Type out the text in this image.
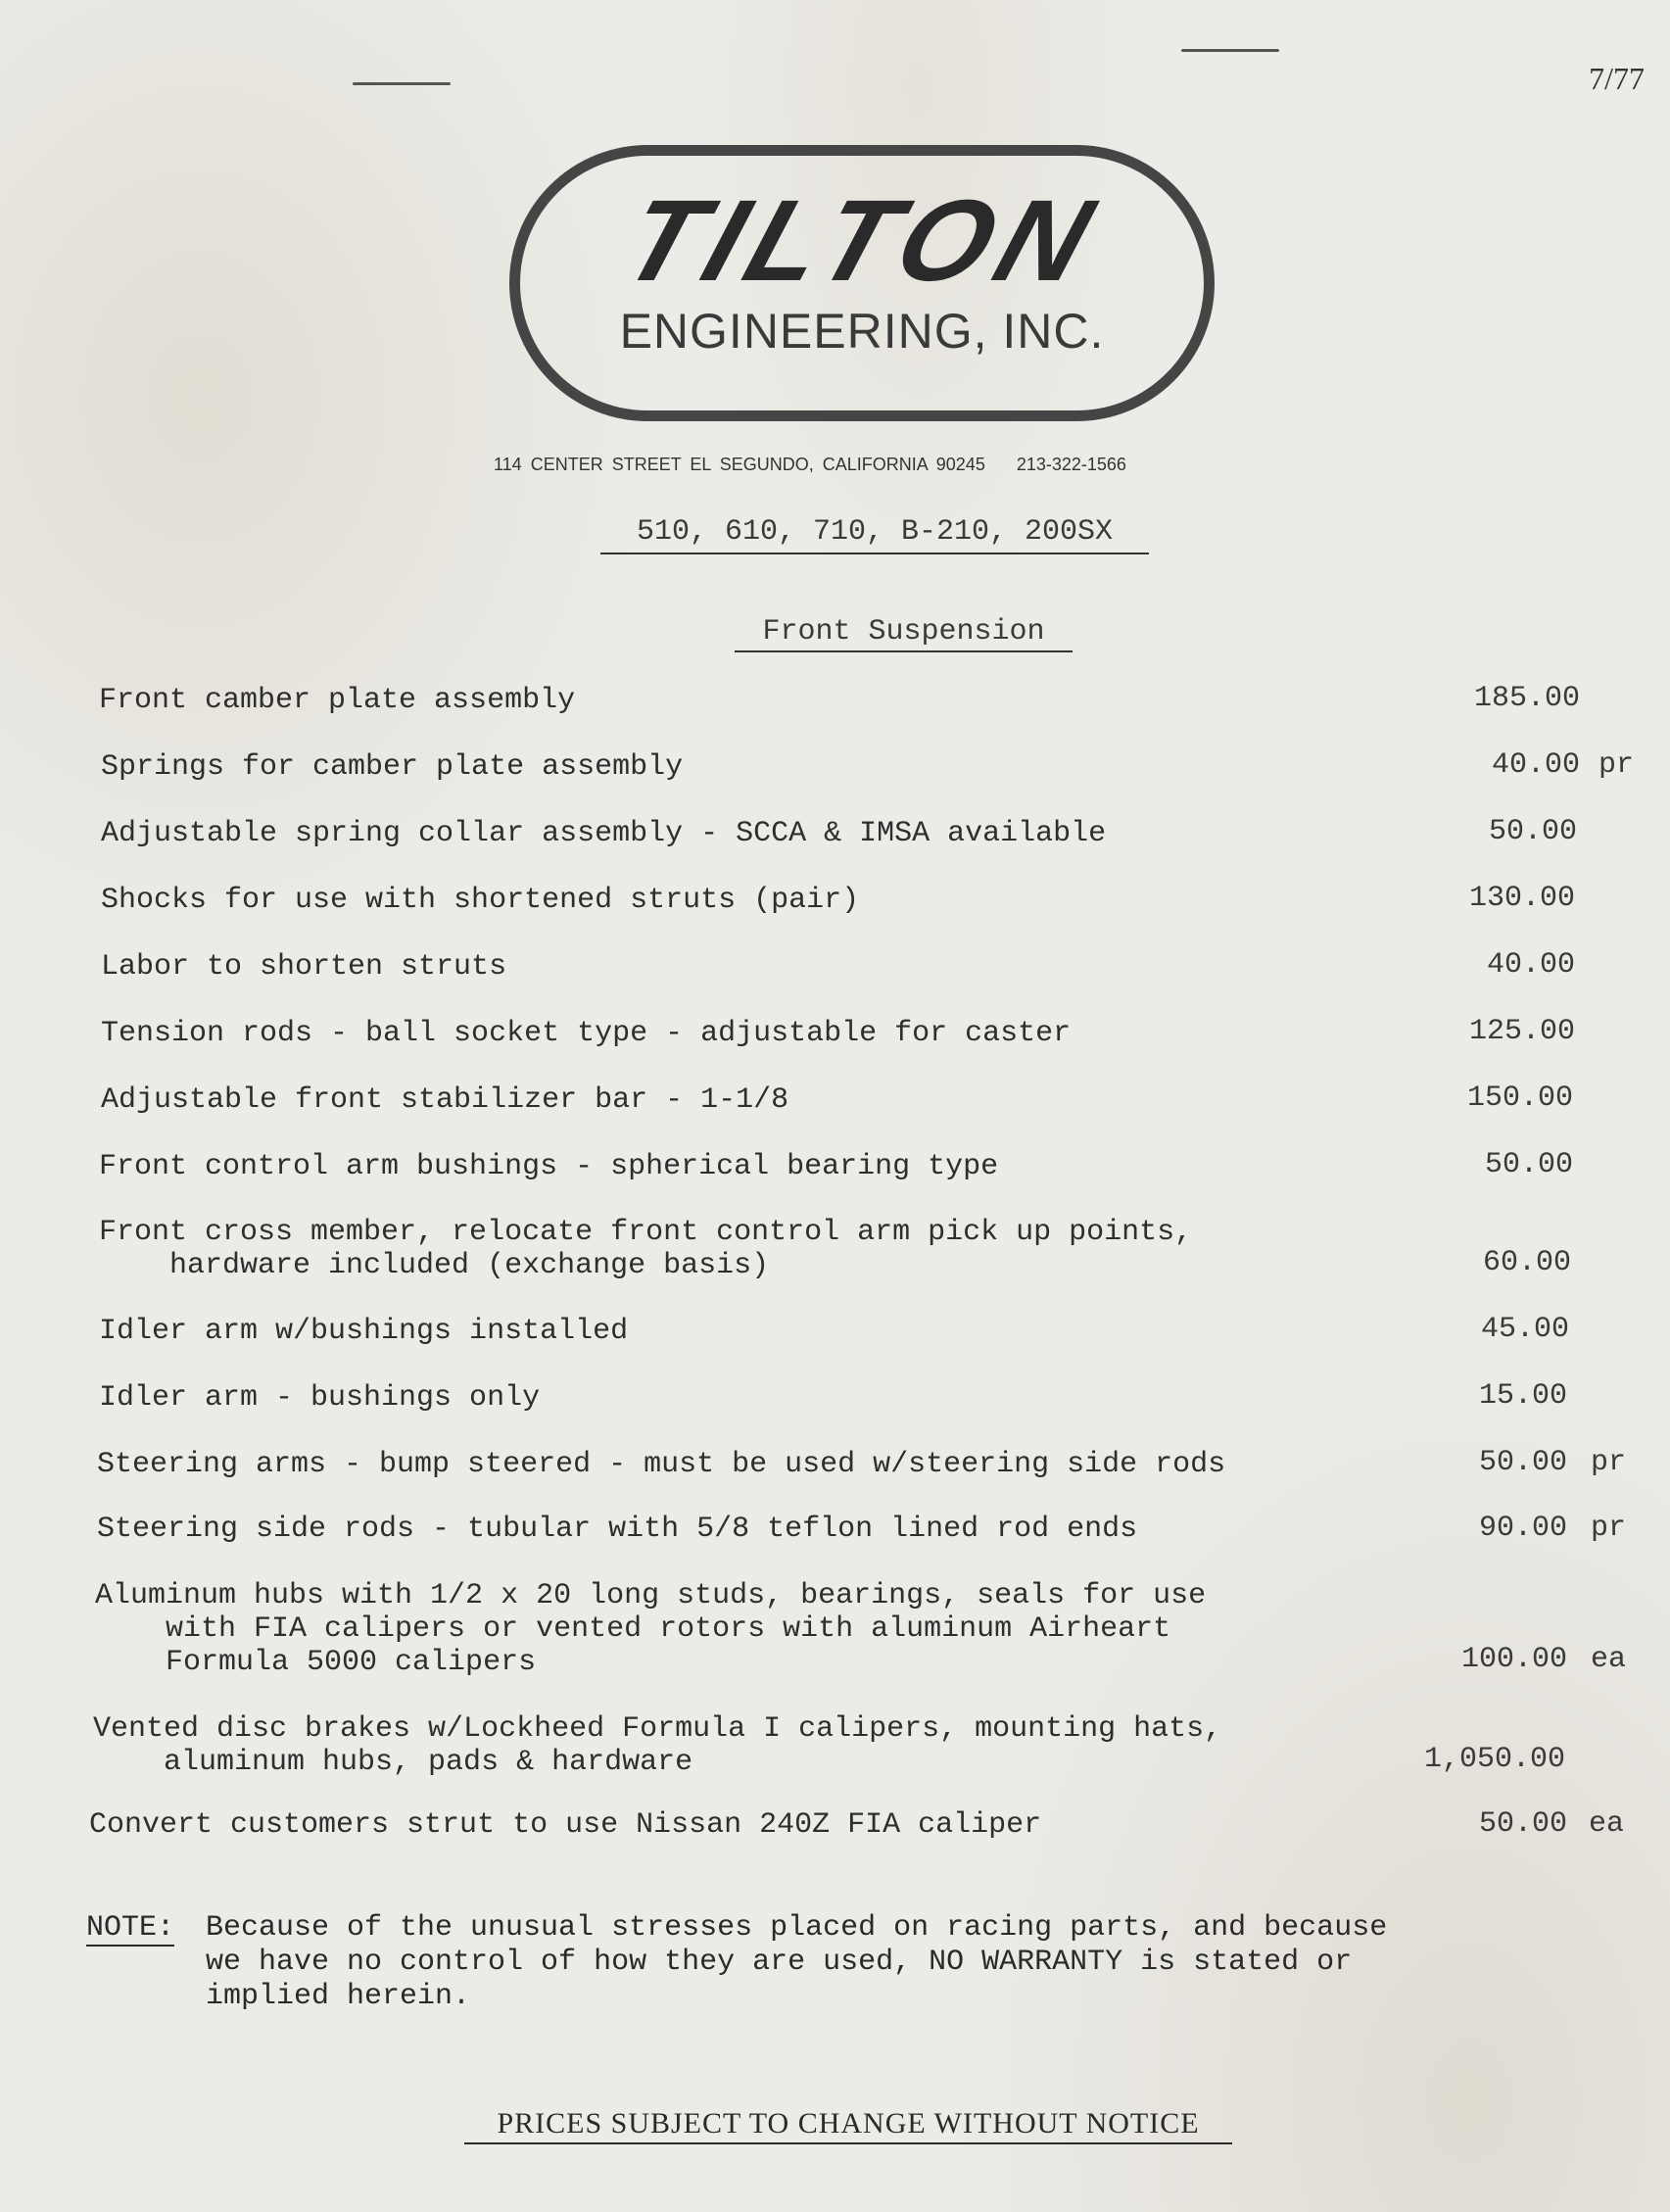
7/77
TILTON
ENGINEERING, INC.
114 CENTER STREET EL SEGUNDO, CALIFORNIA 90245 213-322-1566
510, 610, 710, B-210, 200SX
Front Suspension
Front camber plate assembly	185.00
Springs for camber plate assembly	40.00 pr
Adjustable spring collar assembly - SCCA & IMSA available	50.00
Shocks for use with shortened struts (pair)	130.00
Labor to shorten struts	40.00
Tension rods - ball socket type - adjustable for caster	125.00
Adjustable front stabilizer bar - 1-1/8	150.00
Front control arm bushings - spherical bearing type	50.00
Front cross member, relocate front control arm pick up points,
hardware included (exchange basis)	60.00
Idler arm w/bushings installed	45.00
Idler arm - bushings only	15.00
Steering arms - bump steered - must be used w/steering side rods	50.00 pr
Steering side rods - tubular with 5/8 teflon lined rod ends	90.00 pr
Aluminum hubs with 1/2 x 20 long studs, bearings, seals for use
with FIA calipers or vented rotors with aluminum Airheart
Formula 5000 calipers	100.00 ea
Vented disc brakes w/Lockheed Formula I calipers, mounting hats,
aluminum hubs, pads & hardware	1,050.00
Convert customers strut to use Nissan 240Z FIA caliper	50.00 ea
NOTE: Because of the unusual stresses placed on racing parts, and because
we have no control of how they are used, NO WARRANTY is stated or
implied herein.
PRICES SUBJECT TO CHANGE WITHOUT NOTICE
